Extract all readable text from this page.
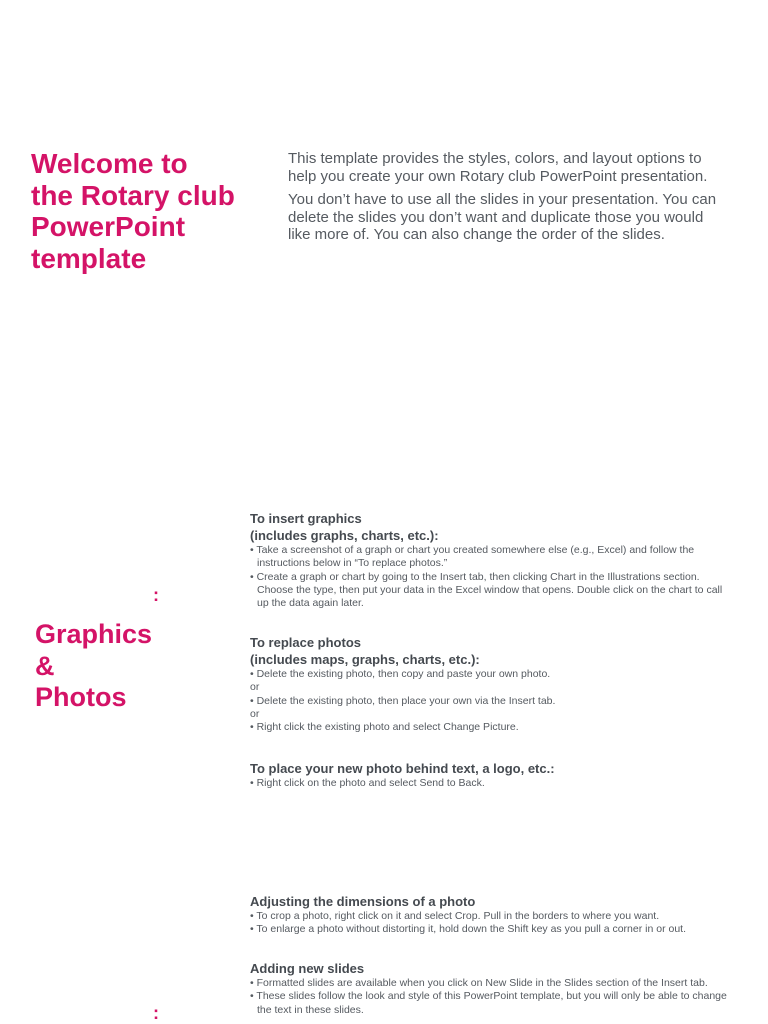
Welcome to
the Rotary club
PowerPoint
template

This template provides the styles, colors, and layout options to help you create your own Rotary club PowerPoint presentation.

You don’t have to use all the slides in your presentation. You can delete the slides you don’t want and duplicate those you would like more of. You can also change the order of the slides.

:
Graphics
&
Photos
To insert graphics
(includes graphs, charts, etc.):

• Take a screenshot of a graph or chart you created somewhere else (e.g., Excel) and follow the instructions below in “To replace photos.”

• Create a graph or chart by going to the Insert tab, then clicking Chart in the Illustrations section. Choose the type, then put your data in the Excel window that opens. Double click on the chart to call up the data again later.

To replace photos
(includes maps, graphs, charts, etc.):

• Delete the existing photo, then copy and paste your own photo.

or

• Delete the existing photo, then place your own via the Insert tab.

or

• Right click the existing photo and select Change Picture.

To place your new photo behind text, a logo, etc.:

• Right click on the photo and select Send to Back.

Adjusting the dimensions of a photo

• To crop a photo, right click on it and select Crop. Pull in the borders to where you want.

• To enlarge a photo without distorting it, hold down the Shift key as you pull a corner in or out.

Adding new slides

• Formatted slides are available when you click on New Slide in the Slides section of the Insert tab.

• These slides follow the look and style of this PowerPoint template, but you will only be able to change the text in these slides.

:
